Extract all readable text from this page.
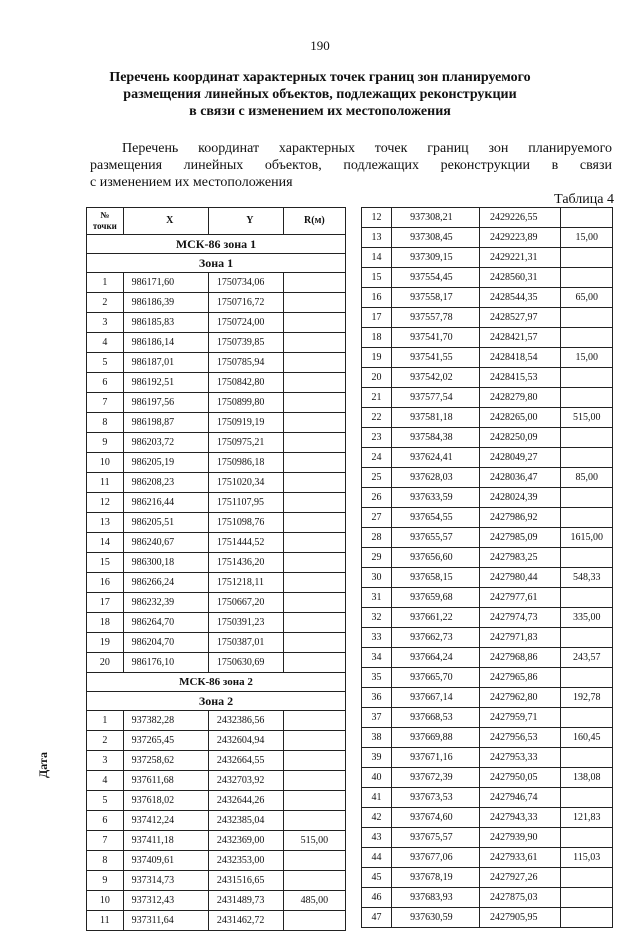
190
Перечень координат характерных точек границ зон планируемого
размещения линейных объектов, подлежащих реконструкции
в связи с изменением их местоположения
Перечень координат характерных точек границ зон планируемого
размещения линейных объектов, подлежащих реконструкции в связи
с изменением их местоположения
Таблица 4
Дата
№
точки	X	Y	R(м)
МСК-86 зона 1			
Зона 1			
1	986171,60	1750734,06	
2	986186,39	1750716,72	
3	986185,83	1750724,00	
4	986186,14	1750739,85	
5	986187,01	1750785,94	
6	986192,51	1750842,80	
7	986197,56	1750899,80	
8	986198,87	1750919,19	
9	986203,72	1750975,21	
10	986205,19	1750986,18	
11	986208,23	1751020,34	
12	986216,44	1751107,95	
13	986205,51	1751098,76	
14	986240,67	1751444,52	
15	986300,18	1751436,20	
16	986266,24	1751218,11	
17	986232,39	1750667,20	
18	986264,70	1750391,23	
19	986204,70	1750387,01	
20	986176,10	1750630,69	
МСК-86 зона 2			
Зона 2			
1	937382,28	2432386,56	
2	937265,45	2432604,94	
3	937258,62	2432664,55	
4	937611,68	2432703,92	
5	937618,02	2432644,26	
6	937412,24	2432385,04	
7	937411,18	2432369,00	515,00
8	937409,61	2432353,00	
9	937314,73	2431516,65	
10	937312,43	2431489,73	485,00
11	937311,64	2431462,72	
12	937308,21	2429226,55	
13	937308,45	2429223,89	15,00
14	937309,15	2429221,31	
15	937554,45	2428560,31	
16	937558,17	2428544,35	65,00
17	937557,78	2428527,97	
18	937541,70	2428421,57	
19	937541,55	2428418,54	15,00
20	937542,02	2428415,53	
21	937577,54	2428279,80	
22	937581,18	2428265,00	515,00
23	937584,38	2428250,09	
24	937624,41	2428049,27	
25	937628,03	2428036,47	85,00
26	937633,59	2428024,39	
27	937654,55	2427986,92	
28	937655,57	2427985,09	1615,00
29	937656,60	2427983,25	
30	937658,15	2427980,44	548,33
31	937659,68	2427977,61	
32	937661,22	2427974,73	335,00
33	937662,73	2427971,83	
34	937664,24	2427968,86	243,57
35	937665,70	2427965,86	
36	937667,14	2427962,80	192,78
37	937668,53	2427959,71	
38	937669,88	2427956,53	160,45
39	937671,16	2427953,33	
40	937672,39	2427950,05	138,08
41	937673,53	2427946,74	
42	937674,60	2427943,33	121,83
43	937675,57	2427939,90	
44	937677,06	2427933,61	115,03
45	937678,19	2427927,26	
46	937683,93	2427875,03	
47	937630,59	2427905,95	
